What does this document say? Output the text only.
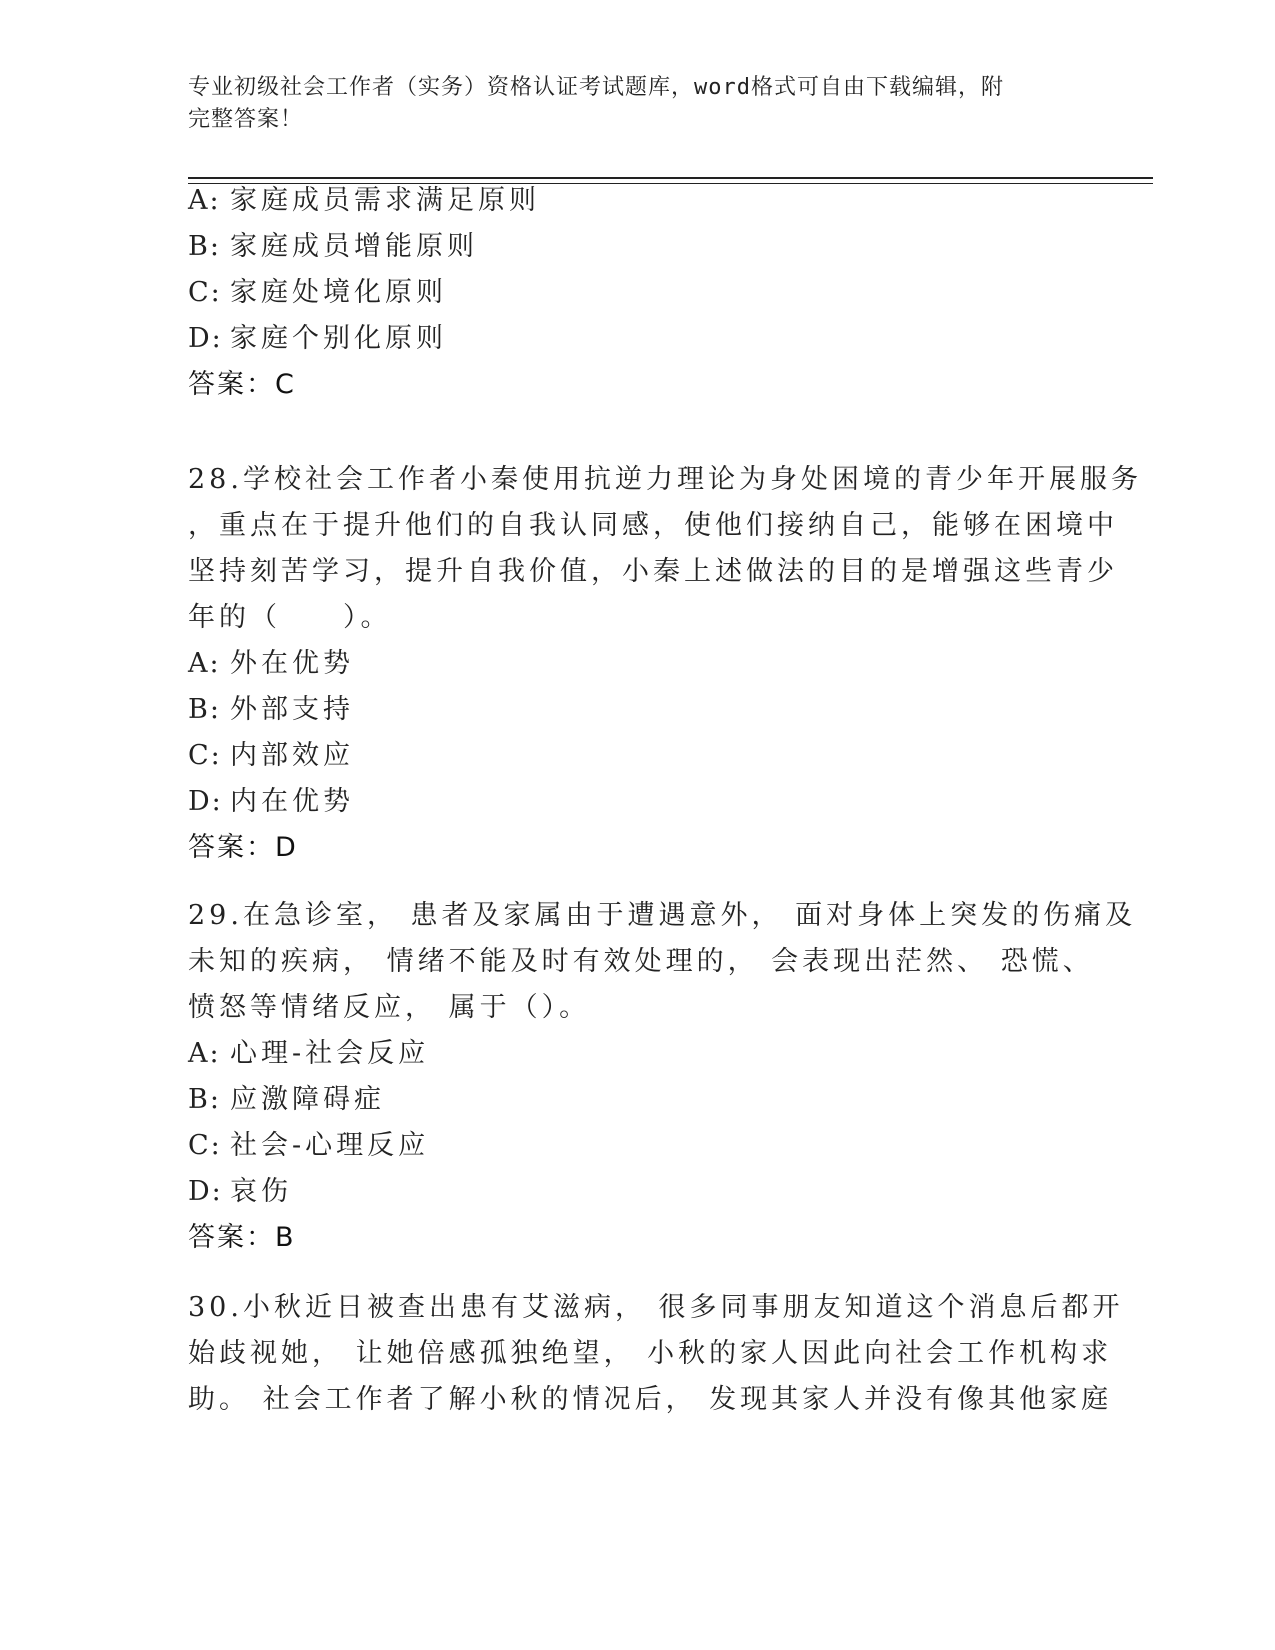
专业初级社会工作者（实务）资格认证考试题库，word格式可自由下载编辑，附
完整答案！
A: 家庭成员需求满足原则
B: 家庭成员增能原则
C: 家庭处境化原则
D: 家庭个别化原则
答案：C
28.学校社会工作者小秦使用抗逆力理论为身处困境的青少年开展服务
，重点在于提升他们的自我认同感，使他们接纳自己，能够在困境中
坚持刻苦学习，提升自我价值，小秦上述做法的目的是增强这些青少
年的（　　）。
A: 外在优势
B: 外部支持
C: 内部效应
D: 内在优势
答案：D
29.在急诊室， 患者及家属由于遭遇意外， 面对身体上突发的伤痛及
未知的疾病， 情绪不能及时有效处理的， 会表现出茫然、 恐慌、
愤怒等情绪反应， 属于（）。
A: 心理-社会反应
B: 应激障碍症
C: 社会-心理反应
D: 哀伤
答案：B
30.小秋近日被查出患有艾滋病， 很多同事朋友知道这个消息后都开
始歧视她， 让她倍感孤独绝望， 小秋的家人因此向社会工作机构求
助。 社会工作者了解小秋的情况后， 发现其家人并没有像其他家庭
